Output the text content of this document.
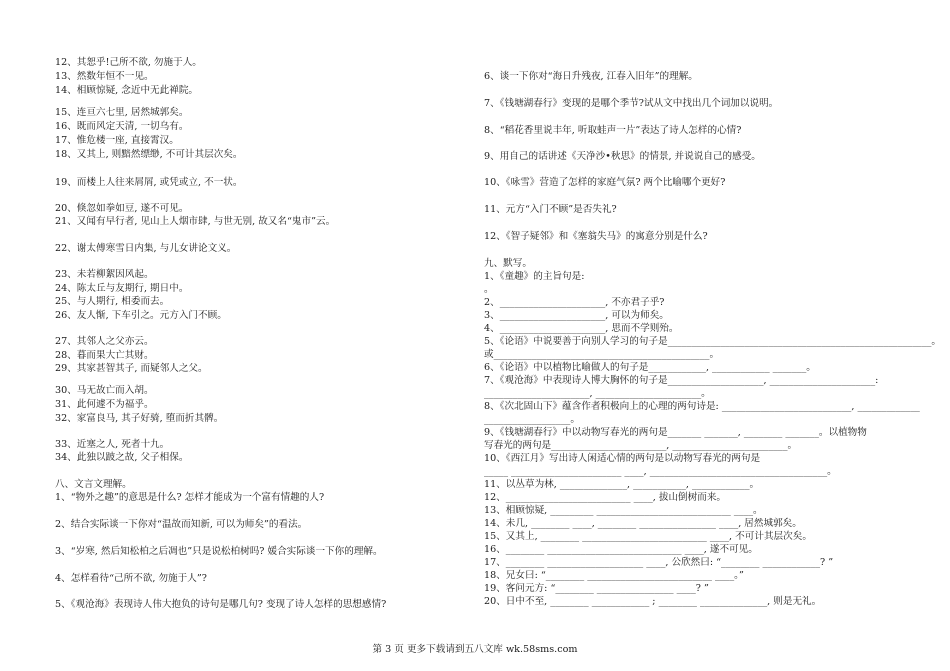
12、其恕乎!己所不欲, 勿施于人。
13、然数年恒不一见。
14、相顾惊疑, 念近中无此禅院。
15、连亘六七里, 居然城郭矣。
16、既而风定天清, 一切乌有。
17、惟危楼一座, 直接霄汉。
18、又其上, 则黯然缥缈, 不可计其层次矣。
19、而楼上人往来屑屑, 或凭或立, 不一状。
20、倏忽如拳如豆, 遂不可见。
21、又闻有早行者, 见山上人烟市肆, 与世无别, 故又名“鬼市”云。
22、谢太傅寒雪日内集, 与儿女讲论文义。
23、未若柳絮因风起。
24、陈太丘与友期行, 期日中。
25、与人期行, 相委而去。
26、友人惭, 下车引之。元方入门不顾。
27、其邻人之父亦云。
28、暮而果大亡其财。
29、其家甚智其子, 而疑邻人之父。
30、马无故亡而入胡。
31、此何遽不为福乎。
32、家富良马, 其子好骑, 堕而折其髀。
33、近塞之人, 死者十九。
34、此独以跛之故, 父子相保。
八、文言文理解。
1、“物外之趣”的意思是什么? 怎样才能成为一个富有情趣的人?
2、结合实际谈一下你对“温故而知新, 可以为师矣”的看法。
3、“岁寒, 然后知松柏之后凋也”只是说松柏树吗? 媛合实际谈一下你的理解。
4、怎样看待“己所不欲, 勿施于人”?
5、《观沧海》表现诗人伟大抱负的诗句是哪几句? 变现了诗人怎样的思想感情?
6、谈一下你对“海日升残夜, 江春入旧年”的理解。
7、《钱塘湖春行》变现的是哪个季节?试从文中找出几个词加以说明。
8、“稻花香里说丰年, 听取蛙声一片”表达了诗人怎样的心情?
9、用自己的话讲述《天净沙•秋思》的情景, 并说说自己的感受。
10、《咏雪》营造了怎样的家庭气氛? 两个比喻哪个更好?
11、元方“入门不顾”是否失礼?
12、《智子疑邻》和《塞翁失马》的寓意分别是什么?
九、默写。
1、《童趣》的主旨句是:
。
2、______________________, 不亦君子乎?
3、______________________, 可以为师矣。
4、______________________, 思而不学则殆。
5、《论语》中说要善于向别人学习的句子是_______________________________________________________。
或_____________________________________________。
6、《论语》中以植物比喻做人的句子是____________, ____________ _______。
7、《观沧海》中表现诗人博大胸怀的句子是____________________, ______________________:
______________________, ______________________。
8、《次北固山下》蕴含作者积极向上的心理的两句诗是: ___________________________, _____________
__________________。
9、《钱塘湖春行》中以动物写春光的两句是_______ _______, ________ _______。以植物物
写春光的两句是________________________, ________________________。
10、《西江月》写出诗人闲适心情的两句是以动物写春光的两句是
_____ _______________________ ____, _____________________________________。
11、以丛草为林, ______________, ___________, ____________。
12、__________________________ ____, 拔山倒树而来。
13、相顾惊疑, _________ ____________________________ ____。
14、未几, ________ ____, ________ ________________ ____, 居然城郭矣。
15、又其上, ________ __________________________ ____, 不可计其层次矣。
16、________ ____________________________ ____, 遂不可见。
17、________ ____________________ ____, 公欣然曰: “________ ____________? ”
18、兄女曰: “________ __________________________ ____。”
19、客问元方: “________ ________________ ____? ”
20、日中不至, ________ ____________ ; ________ ______________, 则是无礼。
第 3 页 更多下载请到五八文库 wk.58sms.com
